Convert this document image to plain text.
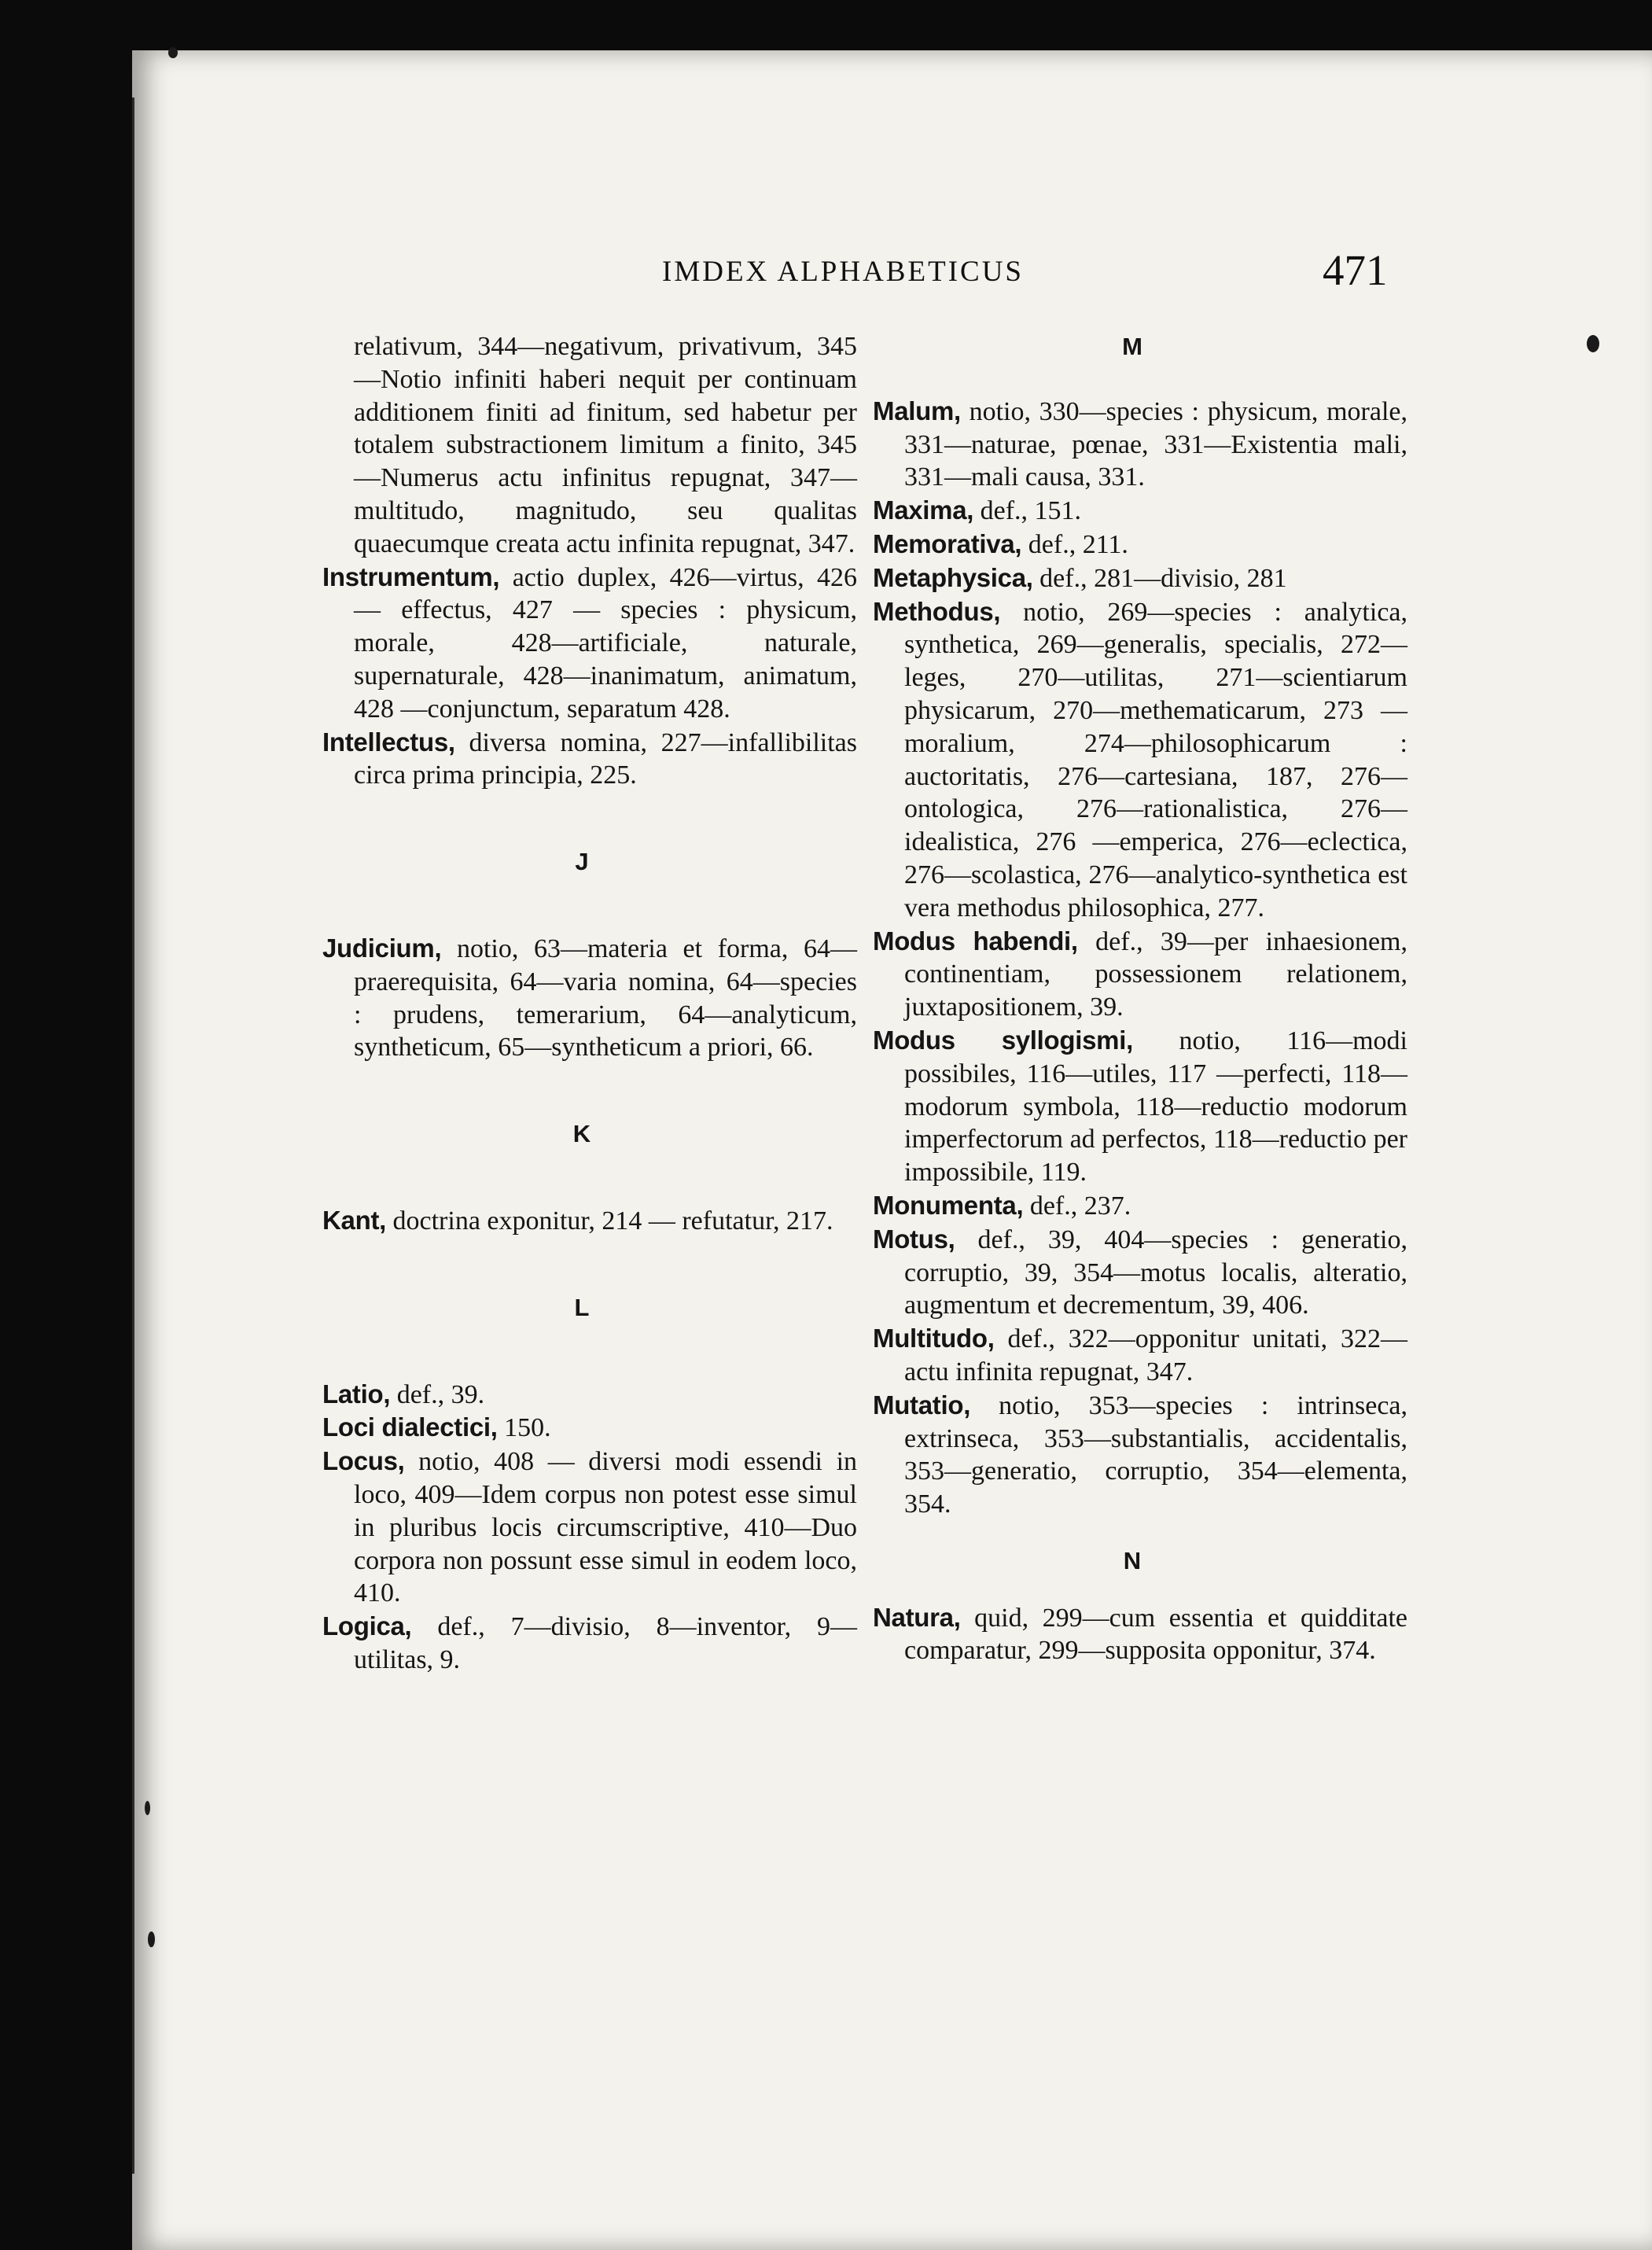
IMDEX ALPHABETICUS	471

relativum, 344—negativum, privativum, 345—Notio infiniti haberi nequit per continuam additionem finiti ad finitum, sed habetur per totalem substractionem limitum a finito, 345—Numerus actu infinitus repugnat, 347—multitudo, magnitudo, seu qualitas quaecumque creata actu infinita repugnat, 347.

Instrumentum, actio duplex, 426—virtus, 426 — effectus, 427 — species : physicum, morale, 428—artificiale, naturale, supernaturale, 428—inanimatum, animatum, 428 —conjunctum, separatum 428.

Intellectus, diversa nomina, 227—infallibilitas circa prima principia, 225.

J

Judicium, notio, 63—materia et forma, 64—praerequisita, 64—varia nomina, 64—species : prudens, temerarium, 64—analyticum, syntheticum, 65—syntheticum a priori, 66.

K

Kant, doctrina exponitur, 214 — refutatur, 217.

L

Latio, def., 39.

Loci dialectici, 150.

Locus, notio, 408 — diversi modi essendi in loco, 409—Idem corpus non potest esse simul in pluribus locis circumscriptive, 410—Duo corpora non possunt esse simul in eodem loco, 410.

Logica, def., 7—divisio, 8—inventor, 9—utilitas, 9.

M

Malum, notio, 330—species : physicum, morale, 331—naturae, pœnae, 331—Existentia mali, 331—mali causa, 331.

Maxima, def., 151.

Memorativa, def., 211.

Metaphysica, def., 281—divisio, 281

Methodus, notio, 269—species : analytica, synthetica, 269—generalis, specialis, 272—leges, 270—utilitas, 271—scientiarum physicarum, 270—methematicarum, 273 —moralium, 274—philosophicarum : auctoritatis, 276—cartesiana, 187, 276—ontologica, 276—rationalistica, 276—idealistica, 276 —emperica, 276—eclectica, 276—scolastica, 276—analytico-synthetica est vera methodus philosophica, 277.

Modus habendi, def., 39—per inhaesionem, continentiam, possessionem relationem, juxtapositionem, 39.

Modus syllogismi, notio, 116—modi possibiles, 116—utiles, 117 —perfecti, 118—modorum symbola, 118—reductio modorum imperfectorum ad perfectos, 118—reductio per impossibile, 119.

Monumenta, def., 237.

Motus, def., 39, 404—species : generatio, corruptio, 39, 354—motus localis, alteratio, augmentum et decrementum, 39, 406.

Multitudo, def., 322—opponitur unitati, 322—actu infinita repugnat, 347.

Mutatio, notio, 353—species : intrinseca, extrinseca, 353—substantialis, accidentalis, 353—generatio, corruptio, 354—elementa, 354.

N

Natura, quid, 299—cum essentia et quidditate comparatur, 299—supposita opponitur, 374.
